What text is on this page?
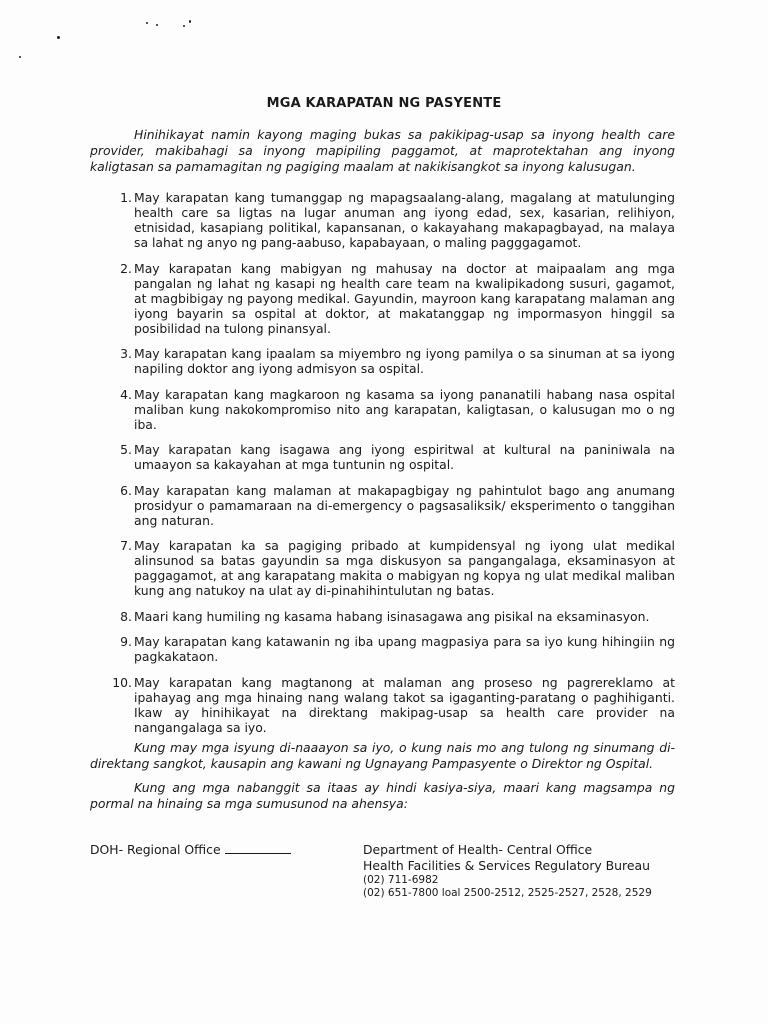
MGA KARAPATAN NG PASYENTE

Hinihikayat namin kayong maging bukas sa pakikipag-usap sa inyong health care provider, makibahagi sa inyong mapipiling paggamot, at maprotektahan ang inyong kaligtasan sa pamamagitan ng pagiging maalam at nakikisangkot sa inyong kalusugan.

1. May karapatan kang tumanggap ng mapagsaalang-alang, magalang at matulunging health care sa ligtas na lugar anuman ang iyong edad, sex, kasarian, relihiyon, etnisidad, kasapiang politikal, kapansanan, o kakayahang makapagbayad, na malaya sa lahat ng anyo ng pang-aabuso, kapabayaan, o maling pagggagamot.
2. May karapatan kang mabigyan ng mahusay na doctor at maipaalam ang mga pangalan ng lahat ng kasapi ng health care team na kwalipikadong susuri, gagamot, at magbibigay ng payong medikal. Gayundin, mayroon kang karapatang malaman ang iyong bayarin sa ospital at doktor, at makatanggap ng impormasyon hinggil sa posibilidad na tulong pinansyal.
3. May karapatan kang ipaalam sa miyembro ng iyong pamilya o sa sinuman at sa iyong napiling doktor ang iyong admisyon sa ospital.
4. May karapatan kang magkaroon ng kasama sa iyong pananatili habang nasa ospital maliban kung nakokompromiso nito ang karapatan, kaligtasan, o kalusugan mo o ng iba.
5. May karapatan kang isagawa ang iyong espiritwal at kultural na paniniwala na umaayon sa kakayahan at mga tuntunin ng ospital.
6. May karapatan kang malaman at makapagbigay ng pahintulot bago ang anumang prosidyur o pamamaraan na di-emergency o pagsasaliksik/ eksperimento o tanggihan ang naturan.
7. May karapatan ka sa pagiging pribado at kumpidensyal ng iyong ulat medikal alinsunod sa batas gayundin sa mga diskusyon sa pangangalaga, eksaminasyon at paggagamot, at ang karapatang makita o mabigyan ng kopya ng ulat medikal maliban kung ang natukoy na ulat ay di-pinahihintulutan ng batas.
8. Maari kang humiling ng kasama habang isinasagawa ang pisikal na eksaminasyon.
9. May karapatan kang katawanin ng iba upang magpasiya para sa iyo kung hihingiin ng pagkakataon.
10. May karapatan kang magtanong at malaman ang proseso ng pagrereklamo at ipahayag ang mga hinaing nang walang takot sa igaganting-paratang o paghihiganti. Ikaw ay hinihikayat na direktang makipag-usap sa health care provider na nangangalaga sa iyo.

Kung may mga isyung di-naaayon sa iyo, o kung nais mo ang tulong ng sinumang di-direktang sangkot, kausapin ang kawani ng Ugnayang Pampasyente o Direktor ng Ospital.

Kung ang mga nabanggit sa itaas ay hindi kasiya-siya, maari kang magsampa ng pormal na hinaing sa mga sumusunod na ahensya:

DOH- Regional Office	Department of Health- Central Office
Health Facilities & Services Regulatory Bureau
(02) 711-6982
(02) 651-7800 loal 2500-2512, 2525-2527, 2528, 2529
